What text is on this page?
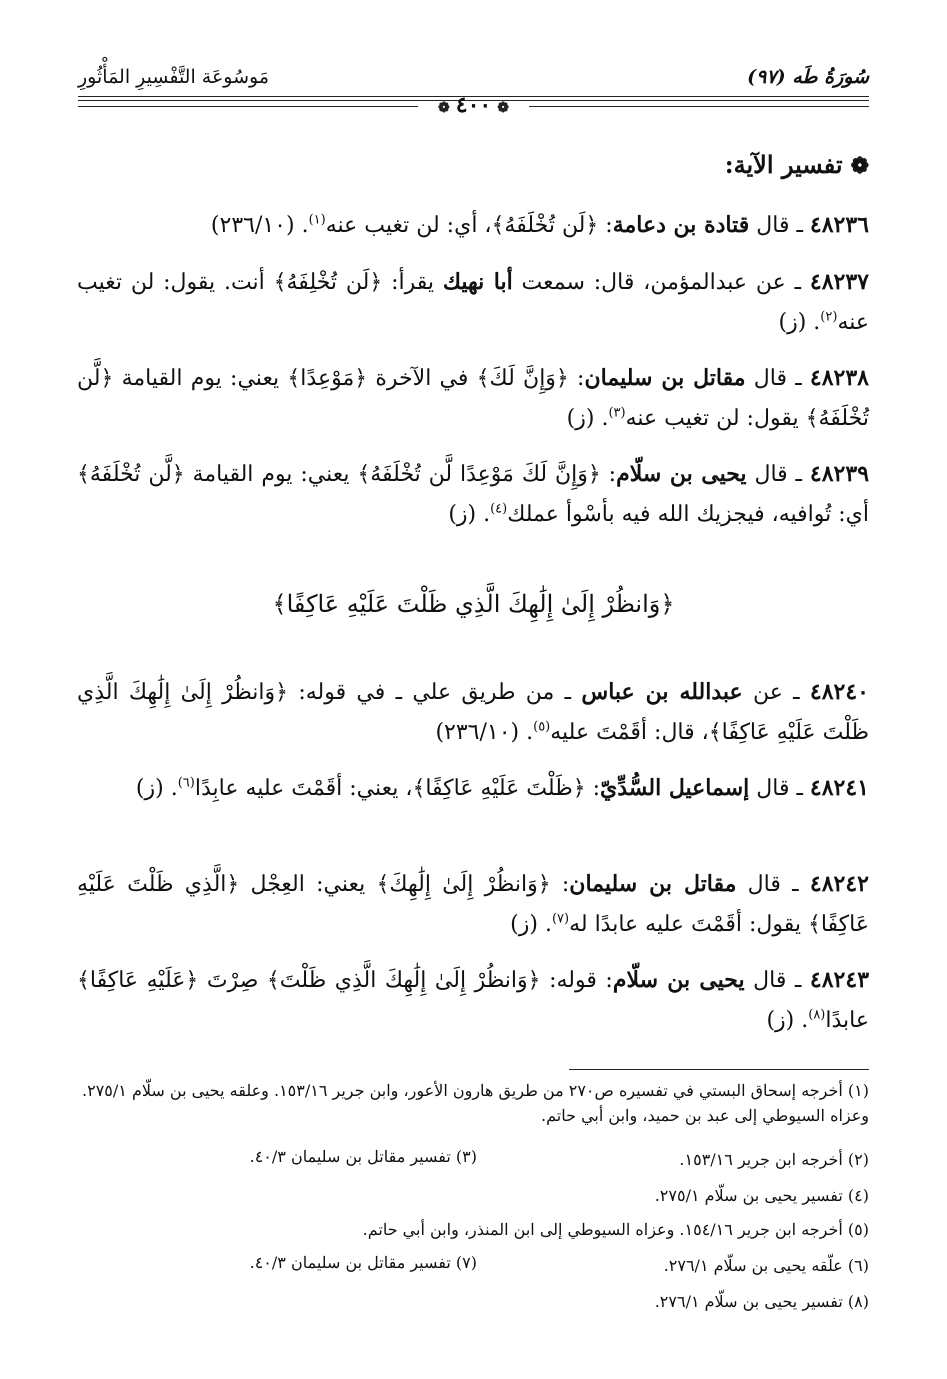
سُورَةُ طَه (٩٧)
مَوسُوعَة التَّفْسِيرِ المَأْثُورِ
❁٤٠٠❁
❁تفسير الآية:
٤٨٢٣٦ ـ قال قتادة بن دعامة: ﴿لَن تُخْلَفَهُ﴾، أي: لن تغيب عنه$^{(١)}$. (٢٣٦/١٠)
٤٨٢٣٧ ـ عن عبدالمؤمن، قال: سمعت أبا نهيك يقرأ: ﴿لَن تُخْلِفَهُ﴾ أنت. يقول: لن تغيب عنه$^{(٢)}$. (ز)
٤٨٢٣٨ ـ قال مقاتل بن سليمان: ﴿وَإِنَّ لَكَ﴾ في الآخرة ﴿مَوْعِدًا﴾ يعني: يوم القيامة ﴿لَّن تُخْلَفَهُ﴾ يقول: لن تغيب عنه$^{(٣)}$. (ز)
٤٨٢٣٩ ـ قال يحيى بن سلّام: ﴿وَإِنَّ لَكَ مَوْعِدًا لَّن تُخْلَفَهُ﴾ يعني: يوم القيامة ﴿لَّن تُخْلَفَهُ﴾ أي: تُوافيه، فيجزيك الله فيه بأسْوأ عملك$^{(٤)}$. (ز)
﴿وَانظُرْ إِلَىٰ إِلَٰهِكَ الَّذِي ظَلْتَ عَلَيْهِ عَاكِفًا﴾
٤٨٢٤٠ ـ عن عبدالله بن عباس ـ من طريق علي ـ في قوله: ﴿وَانظُرْ إِلَىٰ إِلَٰهِكَ الَّذِي ظَلْتَ عَلَيْهِ عَاكِفًا﴾، قال: أقَمْتَ عليه$^{(٥)}$. (٢٣٦/١٠)
٤٨٢٤١ ـ قال إسماعيل السُّدِّيّ: ﴿ظَلْتَ عَلَيْهِ عَاكِفًا﴾، يعني: أقَمْتَ عليه عابِدًا$^{(٦)}$. (ز)
٤٨٢٤٢ ـ قال مقاتل بن سليمان: ﴿وَانظُرْ إِلَىٰ إِلَٰهِكَ﴾ يعني: العِجْل ﴿الَّذِي ظَلْتَ عَلَيْهِ عَاكِفًا﴾ يقول: أقَمْتَ عليه عابدًا له$^{(٧)}$. (ز)
٤٨٢٤٣ ـ قال يحيى بن سلّام: قوله: ﴿وَانظُرْ إِلَىٰ إِلَٰهِكَ الَّذِي ظَلْتَ﴾ صِرْتَ ﴿عَلَيْهِ عَاكِفًا﴾ عابدًا$^{(٨)}$. (ز)
(١) أخرجه إسحاق البستي في تفسيره ص٢٧٠ من طريق هارون الأعور، وابن جرير ١٥٣/١٦. وعلقه يحيى بن سلّام ٢٧٥/١. وعزاه السيوطي إلى عبد بن حميد، وابن أبي حاتم.
(٢) أخرجه ابن جرير ١٥٣/١٦.
(٣) تفسير مقاتل بن سليمان ٤٠/٣.
(٤) تفسير يحيى بن سلّام ٢٧٥/١.
(٥) أخرجه ابن جرير ١٥٤/١٦. وعزاه السيوطي إلى ابن المنذر، وابن أبي حاتم.
(٦) علّقه يحيى بن سلّام ٢٧٦/١.
(٧) تفسير مقاتل بن سليمان ٤٠/٣.
(٨) تفسير يحيى بن سلّام ٢٧٦/١.
